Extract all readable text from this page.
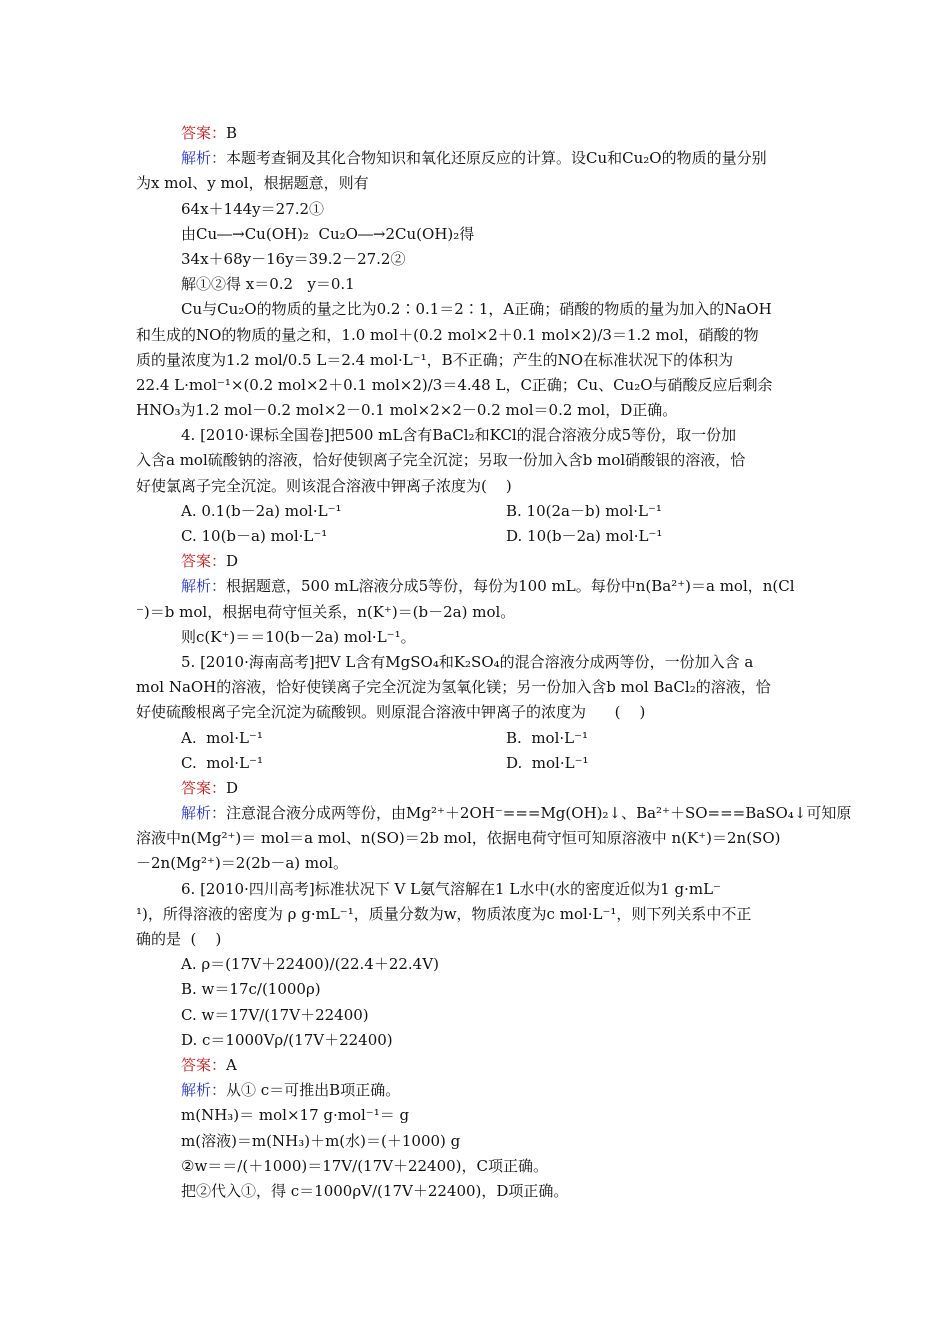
答案：B
解析：本题考查铜及其化合物知识和氧化还原反应的计算。设Cu和Cu₂O的物质的量分别
为x mol、y mol，根据题意，则有
64x＋144y＝27.2①
由Cu―→Cu(OH)₂  Cu₂O―→2Cu(OH)₂得
34x＋68y－16y＝39.2－27.2②
解①②得 x＝0.2   y＝0.1
Cu与Cu₂O的物质的量之比为0.2∶0.1＝2∶1，A正确；硝酸的物质的量为加入的NaOH
和生成的NO的物质的量之和，1.0 mol＋(0.2 mol×2＋0.1 mol×2)/3＝1.2 mol，硝酸的物
质的量浓度为1.2 mol/0.5 L＝2.4 mol·L⁻¹，B不正确；产生的NO在标准状况下的体积为
22.4 L·mol⁻¹×(0.2 mol×2＋0.1 mol×2)/3＝4.48 L，C正确；Cu、Cu₂O与硝酸反应后剩余
HNO₃为1.2 mol－0.2 mol×2－0.1 mol×2×2－0.2 mol＝0.2 mol，D正确。
4. [2010·课标全国卷]把500 mL含有BaCl₂和KCl的混合溶液分成5等份，取一份加
入含a mol硫酸钠的溶液，恰好使钡离子完全沉淀；另取一份加入含b mol硝酸银的溶液，恰
好使氯离子完全沉淀。则该混合溶液中钾离子浓度为(    )
A. 0.1(b－2a) mol·L⁻¹	B. 10(2a－b) mol·L⁻¹
C. 10(b－a) mol·L⁻¹	D. 10(b－2a) mol·L⁻¹
答案：D
解析：根据题意，500 mL溶液分成5等份，每份为100 mL。每份中n(Ba²⁺)＝a mol，n(Cl
⁻)＝b mol，根据电荷守恒关系，n(K⁺)＝(b－2a) mol。
则c(K⁺)＝＝10(b－2a) mol·L⁻¹。
5. [2010·海南高考]把V L含有MgSO₄和K₂SO₄的混合溶液分成两等份，一份加入含 a
mol NaOH的溶液，恰好使镁离子完全沉淀为氢氧化镁；另一份加入含b mol BaCl₂的溶液，恰
好使硫酸根离子完全沉淀为硫酸钡。则原混合溶液中钾离子的浓度为      (    )
A.  mol·L⁻¹	B.  mol·L⁻¹
C.  mol·L⁻¹	D.  mol·L⁻¹
答案：D
解析：注意混合液分成两等份，由Mg²⁺＋2OH⁻===Mg(OH)₂↓、Ba²⁺＋SO===BaSO₄↓可知原
溶液中n(Mg²⁺)＝ mol＝a mol、n(SO)＝2b mol，依据电荷守恒可知原溶液中 n(K⁺)＝2n(SO)
－2n(Mg²⁺)＝2(2b－a) mol。
6. [2010·四川高考]标准状况下 V L氨气溶解在1 L水中(水的密度近似为1 g·mL⁻
¹)，所得溶液的密度为 ρ g·mL⁻¹，质量分数为w，物质浓度为c mol·L⁻¹，则下列关系中不正
确的是  (    )
A. ρ＝(17V＋22400)/(22.4＋22.4V)
B. w＝17c/(1000ρ)
C. w＝17V/(17V＋22400)
D. c＝1000Vρ/(17V＋22400)
答案：A
解析：从① c＝可推出B项正确。
m(NH₃)＝ mol×17 g·mol⁻¹＝ g
m(溶液)＝m(NH₃)＋m(水)＝(＋1000) g
②w＝＝/(＋1000)＝17V/(17V＋22400)，C项正确。
把②代入①，得 c＝1000ρV/(17V＋22400)，D项正确。
